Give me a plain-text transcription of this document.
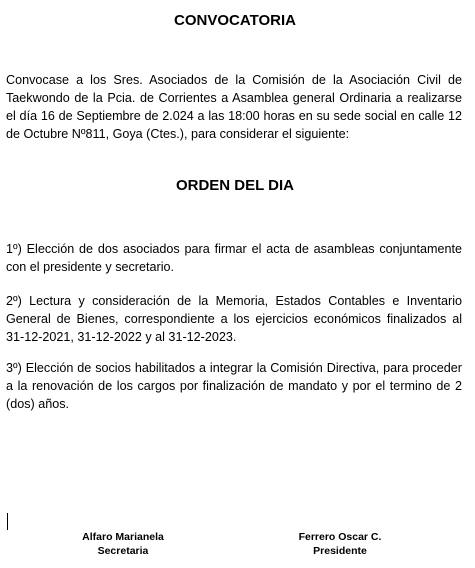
CONVOCATORIA

Convocase a los Sres. Asociados de la Comisión de la Asociación Civil de Taekwondo de la Pcia. de Corrientes a Asamblea general Ordinaria a realizarse el día 16 de Septiembre de 2.024 a las 18:00 horas en su sede social en calle 12 de Octubre Nº811, Goya (Ctes.), para considerar el siguiente:

ORDEN DEL DIA

1º) Elección de dos asociados para firmar el acta de asambleas conjuntamente con el presidente y secretario.

2º) Lectura y consideración de la Memoria, Estados Contables e Inventario General de Bienes, correspondiente a los ejercicios económicos finalizados al 31-12-2021, 31-12-2022 y al 31-12-2023.

3º) Elección de socios habilitados a integrar la Comisión Directiva, para proceder a la renovación de los cargos por finalización de mandato y por el termino de 2 (dos) años.

Alfaro Marianela
Secretaria
Ferrero Oscar C.
Presidente
